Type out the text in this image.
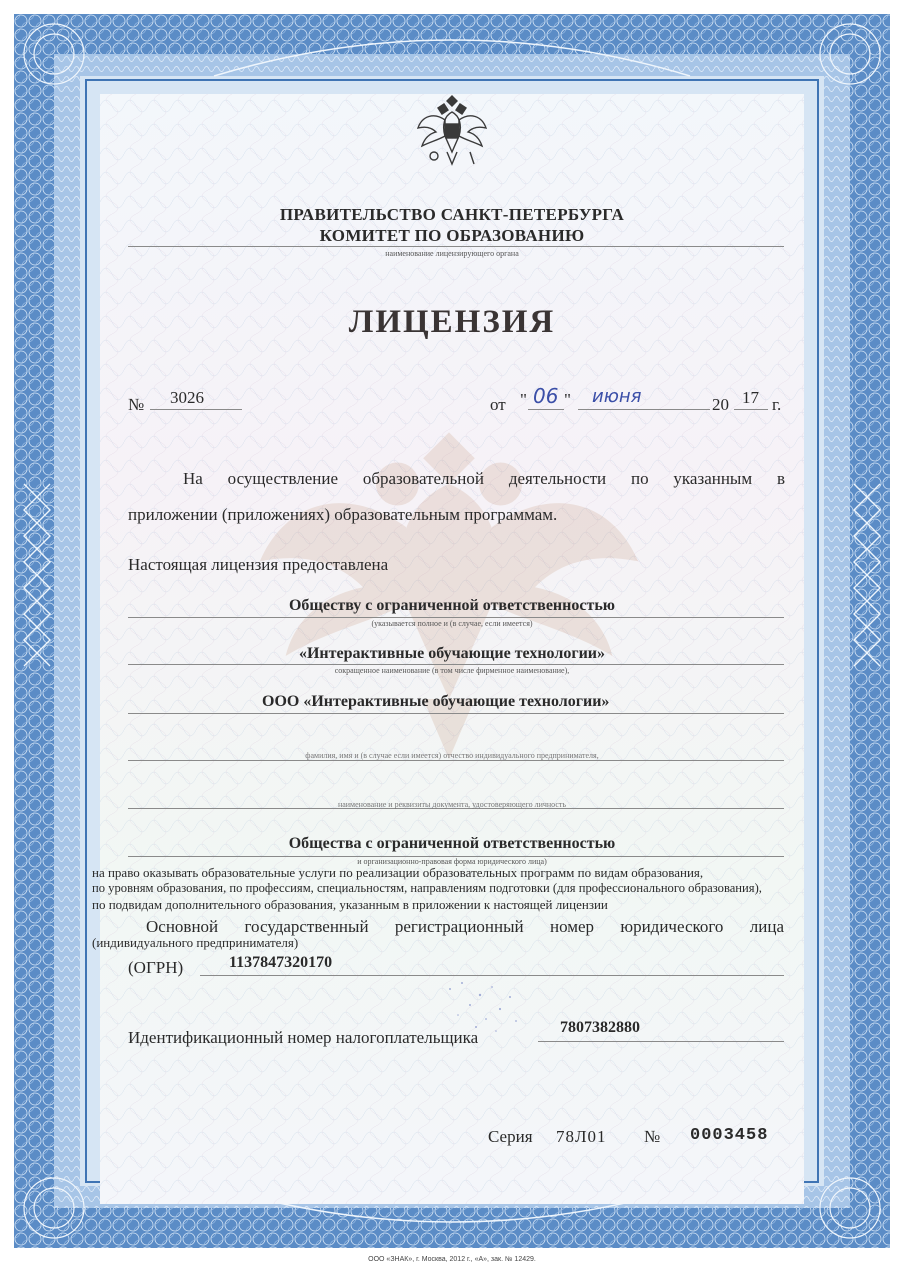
ПРАВИТЕЛЬСТВО САНКТ-ПЕТЕРБУРГА
КОМИТЕТ ПО ОБРАЗОВАНИЮ
наименование лицензирующего органа
ЛИЦЕНЗИЯ
№ 3026	от " 06 " июня	20 17 г.
На осуществление образовательной деятельности по указанным в
приложении (приложениях) образовательным программам.
Настоящая лицензия предоставлена
Обществу с ограниченной ответственностью
(указывается полное и (в случае, если имеется)
«Интерактивные обучающие технологии»
сокращенное наименование (в том числе фирменное наименование),
ООО «Интерактивные обучающие технологии»
фамилия, имя и (в случае если имеется) отчество индивидуального предпринимателя,
наименование и реквизиты документа, удостоверяющего личность
Общества с ограниченной ответственностью
и организационно-правовая форма юридического лица)
на право оказывать образовательные услуги по реализации образовательных программ по видам образования,
по уровням образования, по профессиям, специальностям, направлениям подготовки (для профессионального образования),
по подвидам дополнительного образования, указанным в приложении к настоящей лицензии
Основной государственный регистрационный номер юридического лица
(индивидуального предпринимателя)
(ОГРН)	1137847320170
Идентификационный номер налогоплательщика
7807382880
Серия 78Л01 № 0003458
ООО «ЗНАК», г. Москва, 2012 г., «А», зак. № 12429.
